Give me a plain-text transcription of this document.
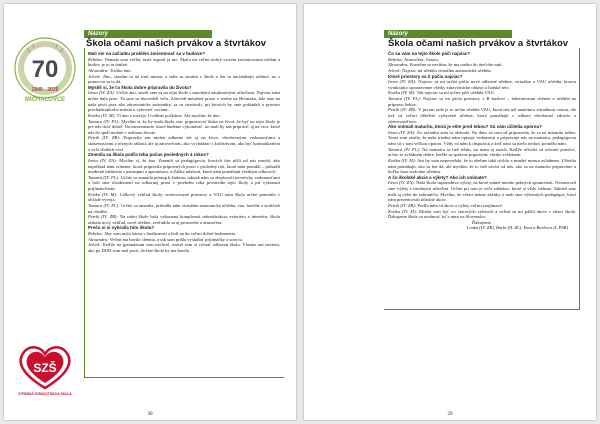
70
1949 - 2019
MICHALOVCE
Názory
Škola očami našich prvákov a štvrtákov

Mali ste na začiatku problém zorientovať sa v budove?

Rebeka: Nemala som veľkú, tesla asposň ja nie. Školu mi veľmi dobrý systém zorientovania učební a budov, je to tu útulné.

Alexandra: Trošku áno.

Jelcek: Ako, chodím tu už tretí mesiac a stále sa stratím v škole a len sa nachádzajú učebne, no s pomocou sa to dá.

Myslíš si, že ťa škola dobre pripravila do života?

Irena (IV. ZA): Určite áno, stretli sme sa na tejto škole s mnohými zaujímavými učiteľami. Najviac nám určite dala prax. Tu sme sa dozvedeli veľa. Zároveň mesačné praxe v teréne na Hrvatsku, kde sme na našu prvú prax ako zdravotnícke asistentky, sa sa stretávali, pri ktorých by sme požiadali o priestor prechádzajúceho miesta a vyhovieť veciam.

Kvitka (IV. M): Tí áno a rozvíja. Uvidíme počkáme. Ale myslím, že áno.

Tamara (IV. FL): Myslím si, že by mala škola viac pripravovať žiaka na život, že byť na tejto škole je pre nás dosť dobré. Na zamestnanie, ktoré budeme vykonávať, no mali by nás pripraviť aj na veci, ktoré nás do spelí možné v reálnom živote.

Petrik (IV. ZB): Pripravila nás nielen odborne ale aj na život, všeobecnými vedomosťami a skúsenosťami z rôznych oblastí, ale aj zároveň nás, ako vychádzať s kolektívom, ako byť komunikatívni a veľa ďalších vecí.

Zmenila sa škola podľa teba počas posledných 4 rokov?

Irena (IV. ZA): Myslím si, že áno. Zmenili sa pedagógovia, ktorých ňas učili od nás mnohí, ako napríklad nám vrátenie, ktorá pripravila prípravných praxí v posledný rok, ktoré nám ponúkli – pribudli moderné inštitúcie s pristupmi a aparatúrou, a ďalšie udalosti, ktoré nám pomáhajú všetkým odboroch.

Tamara (IV. FL): Určite sa zmenila prístup k žiakom, taktiež nám sa zlepšovali teoreticky vedomosťami a boli sme ohodnotení na odbornej praxi v priebehu roka prostredie tejto školy a pri vykonaní prijímateľnom.

Kvitka (IV. M): Celkový vzhľad školy, zrenovované priestory a VAU nám škola určite pomohla v ohľade vývoja.

Tamara (IV. FL): Určite sa zmenila, pribudla nám virtuálna anatomická učebňa, viac laviček a stoličiek na chodbe.

Petrik (IV. ZB): Na našej škole bola vykonaná komplexná rekonštrukcia exteriéru a interiéru, škola získala nový vzhľad, nové učebne, zveľadila sa aj prostredie a atmosféra.

Prečo si si vybral/a túto školu?

Rebeka: Aby som mala istotu v budúcnosti a boli na ňu veľmi dobré hodnotenia.

Alexandra: Veľmi ma bavila chémia, a tak som prišla vyskúšať prijímačky a som tu.

Jelcek: Keďže na gymnázium som nechcel, musel som si vybrať odbornú školu. Vlastne ani neviem, ako po DOD som mal pocit, že táto škola by ma bavila.

SZŠ
STREDNÁ ZDRAVOTNÍCKA ŠKOLA
30
Názory
Škola očami našich prvákov a štvrtákov

Čo sa vám na tejto škole páči najviac?

Rebeka: Atmosféra, čistota.

Alexandra: Konečne sa necítim, že ma niekto do niečoho nutí.

Jelcek: Najviac mi učebňa virtuálna anatomická učebňa.

Ktoré priestory sa ti páčia najviac?

Irena (IV. ZA): Najviac sa mi určite páčia nové odborné učebne, virtuálna a VAU učebňa, ktorou vynikajúco spoznávame všetky zdravotnícke oblasti a ľudské telo.

Kvitka (IV. M): Tak najviac sa mi určite páči učebňa VAU.

Tamara (IV. FL): Najviac sa mi páčia priestory v B budove – laboratórium chémie a učebňa na prípravu liekov.

Petrik (IV. ZB): V prvom rade je to určite učebňa VAU, ktorá nás učí anatómiu virtuálnou cestou, ale tiež sú veľmi dôležité vybavené učebne, ktoré pomáhajú v odbore všeobecné zdravie a ošetrovateľstvo.

Ako vnímaš maturitu, ktorá je ešte pred tebou? Sú vám učitelia oporou?

Irena (IV. ZA): Zo začiatku som sa obávala. No dnes sú som už pripravená, že sa na maturitu teším. Teraz som zistila, že naša triedna nám opisuje vedomosti a pripravuje nás na maturitu, pedagógovia nám sú v tom veľkou oporou. Vždy sú nám k dispozícii a keď nám sa niečo nedarí, pomôžu nám.

Tamara (IV. FL): Na maturitu sa tiež teším, no mám aj strach. Keďže učitelia sú ochotní pomôcť, určite to zvládnem dobre, keďže sa správne pripravím, všetko zvládnem.

Kvitka (IV. M): Ani by som nepovedala, že to zbehne taká rýchlo a mnohé miesta zvládnem. Učitelia nám pomáhajú, ako sa len dá, ale myslím, že to tiež závisí od nás, ako sa na maturitu pripravíme a koľko času strávime učením.

A čo školské akcie a výlety? Ako ich vnímate?

Irena (IV. ZA): Naša škola usporadúva výlety, na ktoré máme mnoho pekných spomienok. Ovaneovali sme výlety s triednymi učiteľmi. Určite pri tom je veľa zážitkov, ktoré si vždy vážime. Taktiež sme mali aj výlet do zahraničia. Myslím, že všetci máme zážitky a mali sme výborných pedagógov, ktorí nám prezentovali účastné akcie.

Petrik (IV. ZB): Podľa mňa sú akcie a výlety veľmi zaujímavé.

Kvitka (IV. M): Mohla som byť vo viacerých výletoch a veľmi sa mi páčili akcie v rámci školy. Ďakujeme škole za možnosť ísť s nimi na Slovensku.

Ďakujeme.

Lenka (IV. ZB), Barbi (II. ZL), Ema a Barbora (I. PSB)

29
